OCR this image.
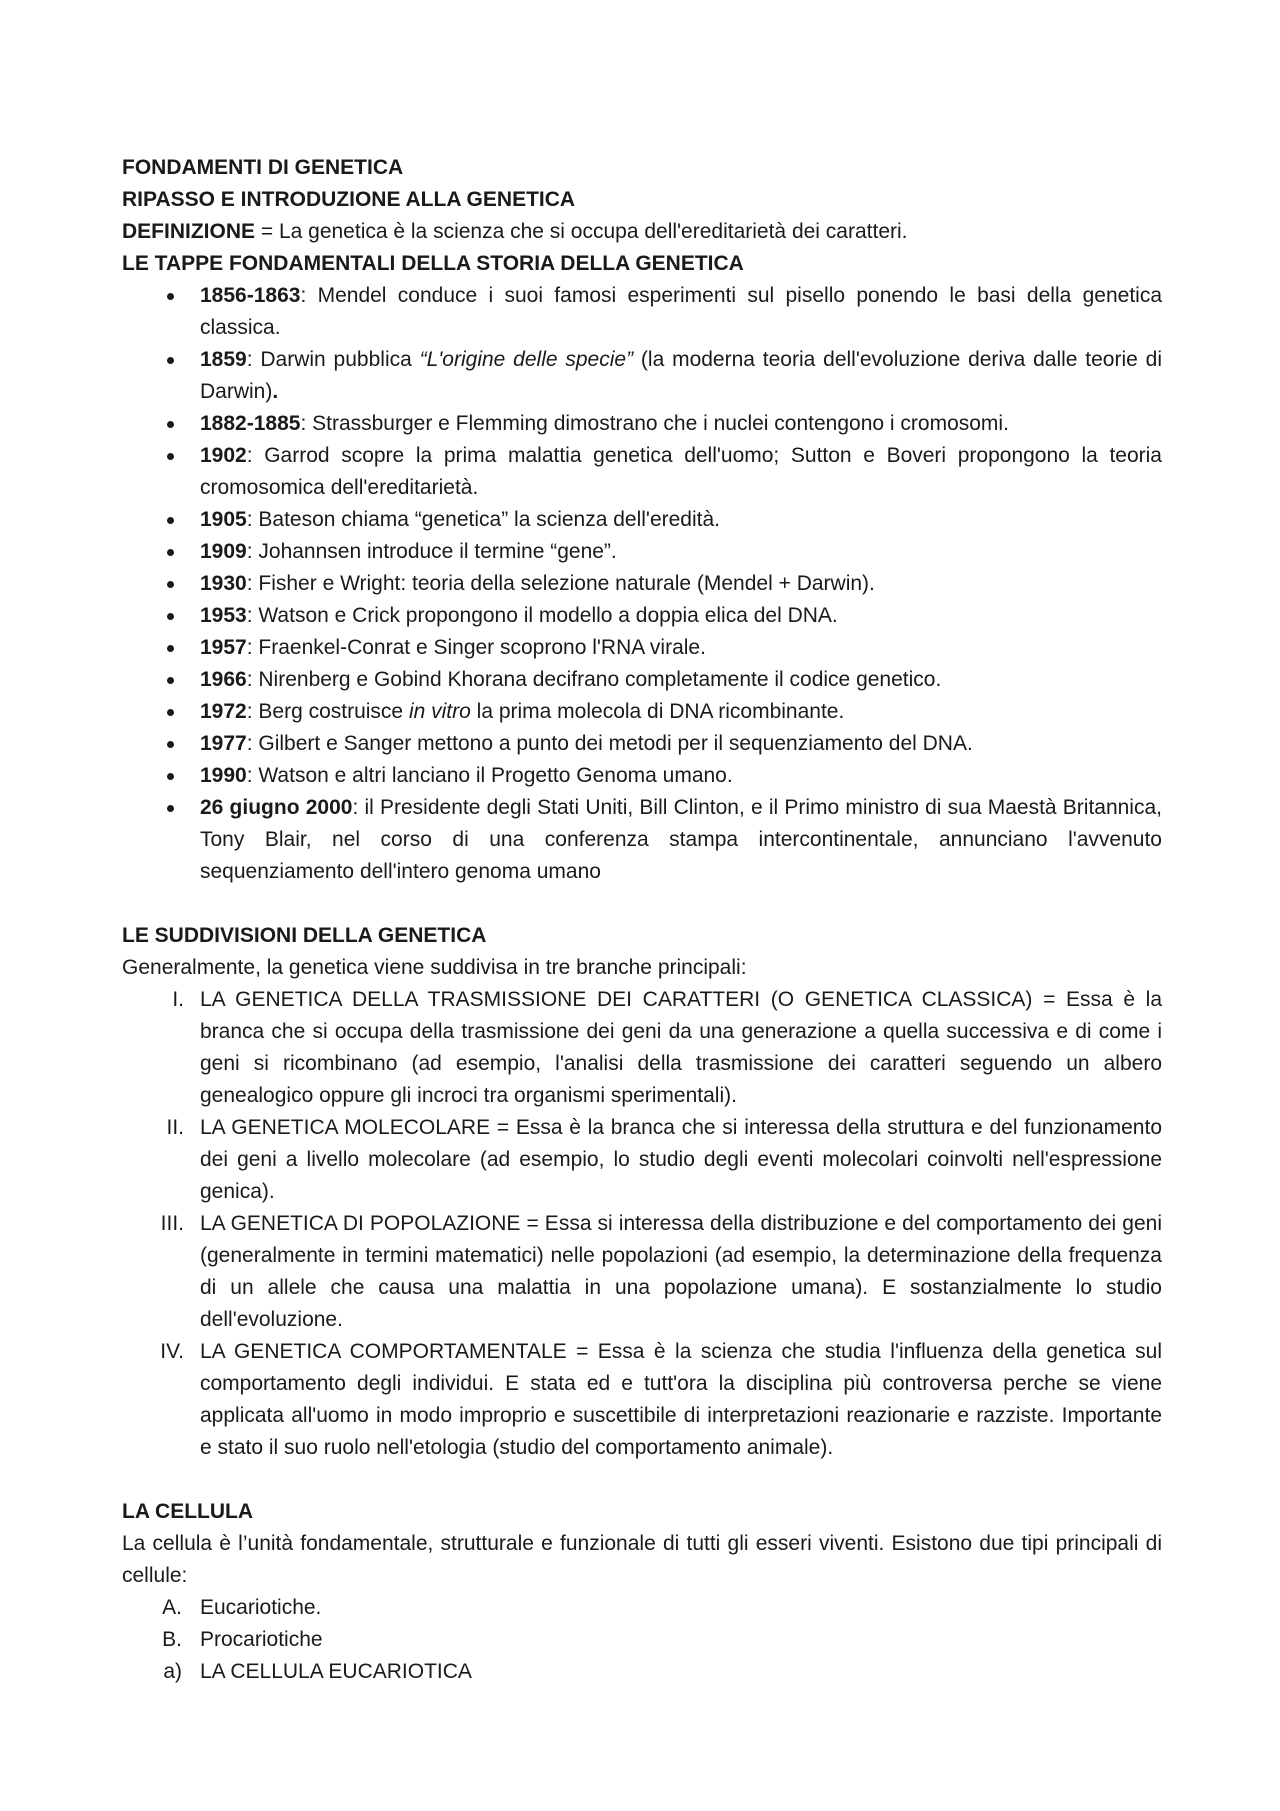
FONDAMENTI DI GENETICA

RIPASSO E INTRODUZIONE ALLA GENETICA

DEFINIZIONE = La genetica è la scienza che si occupa dell'ereditarietà dei caratteri.

LE TAPPE FONDAMENTALI DELLA STORIA DELLA GENETICA

1856-1863: Mendel conduce i suoi famosi esperimenti sul pisello ponendo le basi della genetica classica.
1859: Darwin pubblica “L'origine delle specie” (la moderna teoria dell'evoluzione deriva dalle teorie di Darwin).
1882-1885: Strassburger e Flemming dimostrano che i nuclei contengono i cromosomi.
1902: Garrod scopre la prima malattia genetica dell'uomo; Sutton e Boveri propongono la teoria cromosomica dell'ereditarietà.
1905: Bateson chiama “genetica” la scienza dell'eredità.
1909: Johannsen introduce il termine “gene”.
1930: Fisher e Wright: teoria della selezione naturale (Mendel + Darwin).
1953: Watson e Crick propongono il modello a doppia elica del DNA.
1957: Fraenkel-Conrat e Singer scoprono l'RNA virale.
1966: Nirenberg e Gobind Khorana decifrano completamente il codice genetico.
1972: Berg costruisce in vitro la prima molecola di DNA ricombinante.
1977: Gilbert e Sanger mettono a punto dei metodi per il sequenziamento del DNA.
1990: Watson e altri lanciano il Progetto Genoma umano.
26 giugno 2000: il Presidente degli Stati Uniti, Bill Clinton, e il Primo ministro di sua Maestà Britannica, Tony Blair, nel corso di una conferenza stampa intercontinentale, annunciano l'avvenuto sequenziamento dell'intero genoma umano

LE SUDDIVISIONI DELLA GENETICA

Generalmente, la genetica viene suddivisa in tre branche principali:

I. LA GENETICA DELLA TRASMISSIONE DEI CARATTERI (O GENETICA CLASSICA) = Essa è la branca che si occupa della trasmissione dei geni da una generazione a quella successiva e di come i geni si ricombinano (ad esempio, l'analisi della trasmissione dei caratteri seguendo un albero genealogico oppure gli incroci tra organismi sperimentali).
II. LA GENETICA MOLECOLARE = Essa è la branca che si interessa della struttura e del funzionamento dei geni a livello molecolare (ad esempio, lo studio degli eventi molecolari coinvolti nell'espressione genica).
III. LA GENETICA DI POPOLAZIONE = Essa si interessa della distribuzione e del comportamento dei geni (generalmente in termini matematici) nelle popolazioni (ad esempio, la determinazione della frequenza di un allele che causa una malattia in una popolazione umana). E sostanzialmente lo studio dell'evoluzione.
IV. LA GENETICA COMPORTAMENTALE = Essa è la scienza che studia l'influenza della genetica sul comportamento degli individui. E stata ed e tutt'ora la disciplina più controversa perche se viene applicata all'uomo in modo improprio e suscettibile di interpretazioni reazionarie e razziste. Importante e stato il suo ruolo nell'etologia (studio del comportamento animale).

LA CELLULA

La cellula è l’unità fondamentale, strutturale e funzionale di tutti gli esseri viventi. Esistono due tipi principali di cellule:

A. Eucariotiche.
B. Procariotiche
a) LA CELLULA EUCARIOTICA
